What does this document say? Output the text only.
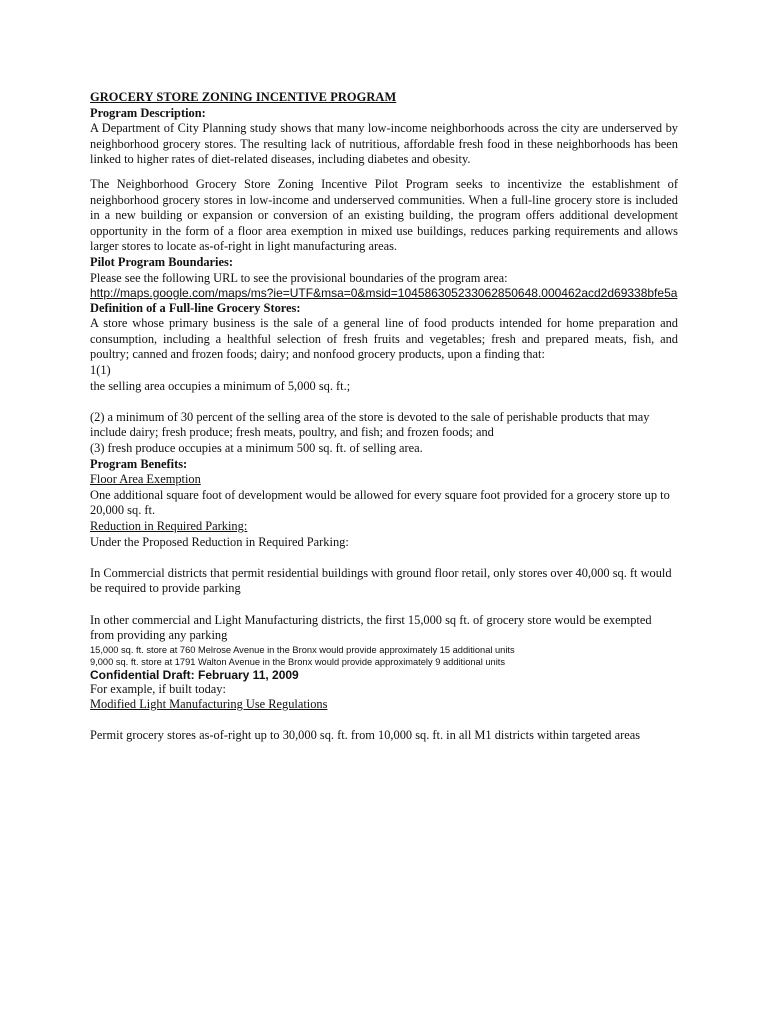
GROCERY STORE ZONING INCENTIVE PROGRAM

Program Description:

A Department of City Planning study shows that many low-income neighborhoods across the city are underserved by neighborhood grocery stores. The resulting lack of nutritious, affordable fresh food in these neighborhoods has been linked to higher rates of diet-related diseases, including diabetes and obesity.

The Neighborhood Grocery Store Zoning Incentive Pilot Program seeks to incentivize the establishment of neighborhood grocery stores in low-income and underserved communities. When a full-line grocery store is included in a new building or expansion or conversion of an existing building, the program offers additional development opportunity in the form of a floor area exemption in mixed use buildings, reduces parking requirements and allows larger stores to locate as-of-right in light manufacturing areas.

Pilot Program Boundaries:

Please see the following URL to see the provisional boundaries of the program area:

http://maps.google.com/maps/ms?ie=UTF&msa=0&msid=104586305233062850648.000462acd2d69338bfe5a

Definition of a Full-line Grocery Stores:

A store whose primary business is the sale of a general line of food products intended for home preparation and consumption, including a healthful selection of fresh fruits and vegetables; fresh and prepared meats, fish, and poultry; canned and frozen foods; dairy; and nonfood grocery products, upon a finding that:

1(1)

the selling area occupies a minimum of 5,000 sq. ft.;

(2) a minimum of 30 percent of the selling area of the store is devoted to the sale of perishable products that may include dairy; fresh produce; fresh meats, poultry, and fish; and frozen foods; and

(3) fresh produce occupies at a minimum 500 sq. ft. of selling area.

Program Benefits:

Floor Area Exemption

One additional square foot of development would be allowed for every square foot provided for a grocery store up to 20,000 sq. ft.

Reduction in Required Parking:

Under the Proposed Reduction in Required Parking:

In Commercial districts that permit residential buildings with ground floor retail, only stores over 40,000 sq. ft would be required to provide parking

In other commercial and Light Manufacturing districts, the first 15,000 sq ft. of grocery store would be exempted from providing any parking

15,000 sq. ft. store at 760 Melrose Avenue in the Bronx would provide approximately 15 additional units

9,000 sq. ft. store at 1791 Walton Avenue in the Bronx would provide approximately 9 additional units

Confidential Draft: February 11, 2009

For example, if built today:

Modified Light Manufacturing Use Regulations

Permit grocery stores as-of-right up to 30,000 sq. ft. from 10,000 sq. ft. in all M1 districts within targeted areas
